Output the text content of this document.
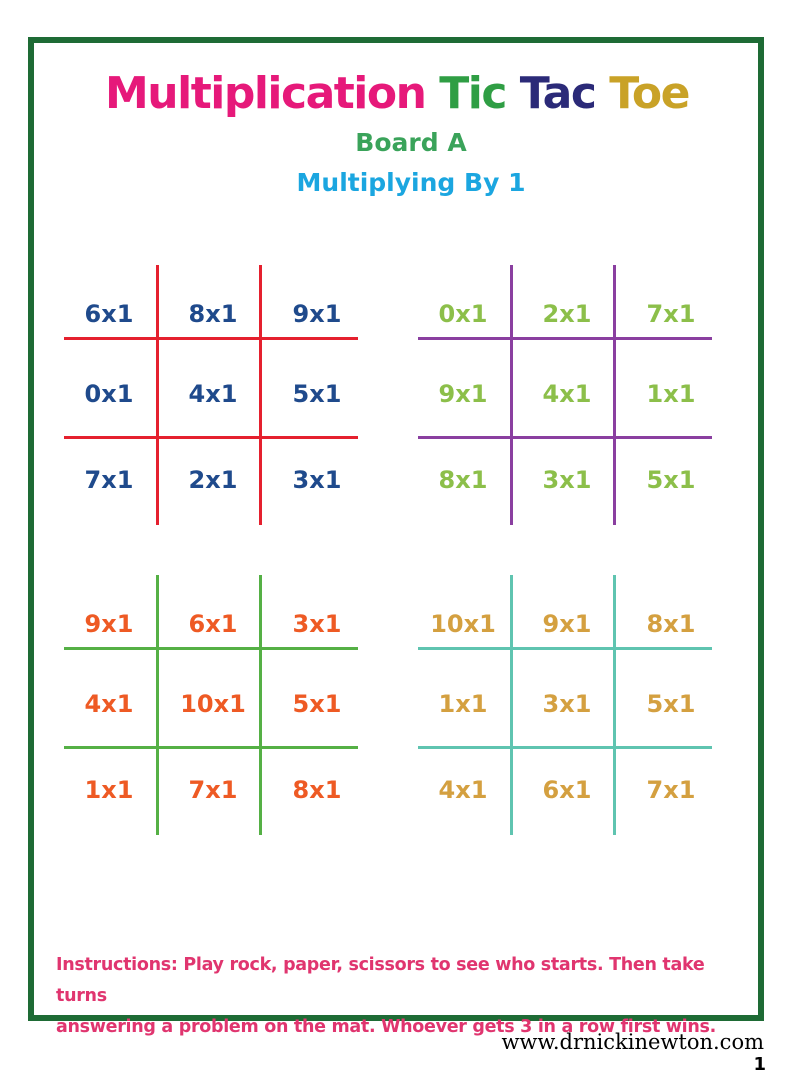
Multiplication Tic Tac Toe
Board A
Multiplying By 1
6x1	8x1	9x1
0x1	4x1	5x1
7x1	2x1	3x1
0x1	2x1	7x1
9x1	4x1	1x1
8x1	3x1	5x1
9x1	6x1	3x1
4x1	10x1	5x1
1x1	7x1	8x1
10x1	9x1	8x1
1x1	3x1	5x1
4x1	6x1	7x1
Instructions: Play rock, paper, scissors to see who starts. Then take turns
answering a problem on the mat. Whoever gets 3 in a row first wins.
www.drnickinewton.com
1
